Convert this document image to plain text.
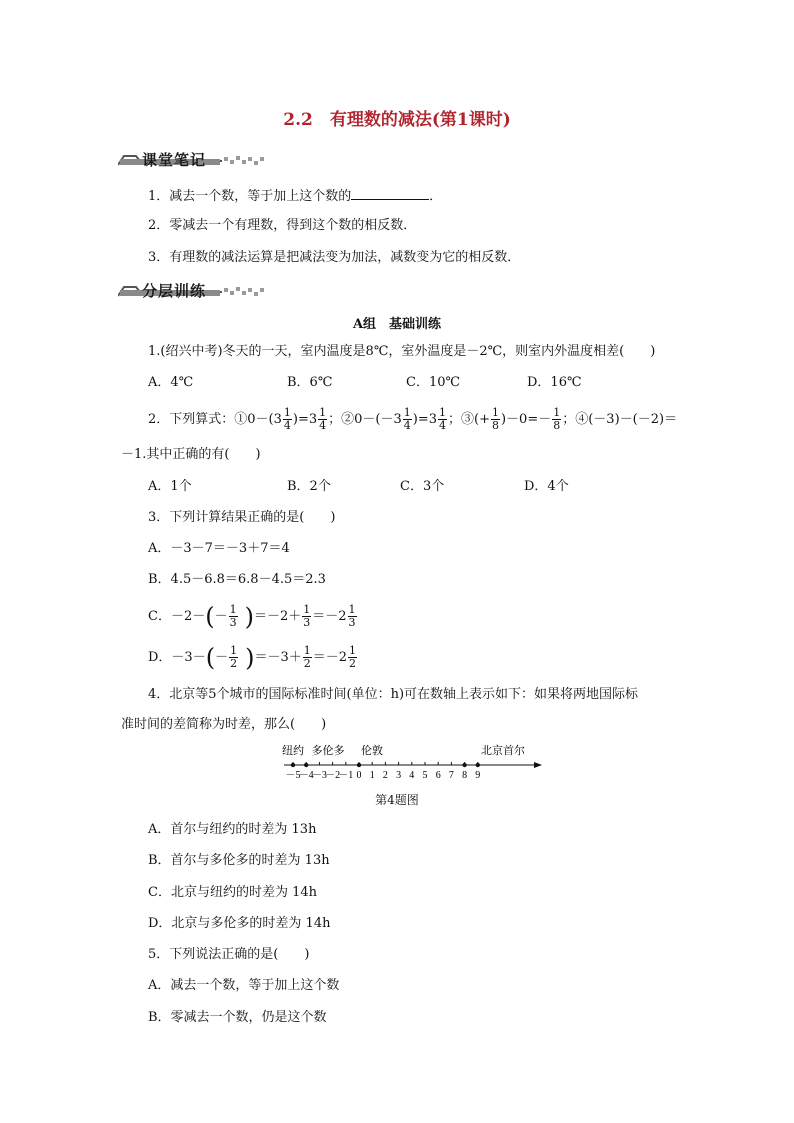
2.2　有理数的减法(第1课时)
课堂笔记
1．减去一个数，等于加上这个数的	．
2．零减去一个有理数，得到这个数的相反数．
3．有理数的减法运算是把减法变为加法，减数变为它的相反数．
分层训练
A组　基础训练
1.(绍兴中考)冬天的一天，室内温度是8℃，室外温度是－2℃，则室内外温度相差(　　)
A．4℃	B．6℃	C．10℃	D．16℃
2．下列算式：①0－(3 $\frac{1}{4} )=3 \frac{1}{4}$ ；②0－(－3 $\frac{1}{4} )=3 \frac{1}{4}$ ；③(+ $\frac{1}{8} )-0=- \frac{1}{8}$ ；④(－3)－(－2)＝
－1.其中正确的有(　　)
A．1个	B．2个	C．3个	D．4个
3．下列计算结果正确的是(　　)
A．－3－7＝－3＋7＝4
B．4.5－6.8＝6.8－4.5＝2.3
C．$-2-(- \frac{1}{3} )=-2+ \frac{1}{3} =-2 \frac{1}{3}$
D．$-3-(- \frac{1}{2} )=-3+ \frac{1}{2} =-2 \frac{1}{2}$
4．北京等5个城市的国际标准时间(单位：h)可在数轴上表示如下：如果将两地国际标
准时间的差简称为时差，那么(　　)
纽约 多伦多 伦敦	北京首尔
－5
－4
－3
－2
－1 0 1 2 3 4 5 6 7 8 9
第4题图
A．首尔与纽约的时差为 13h
B．首尔与多伦多的时差为 13h
C．北京与纽约的时差为 14h
D．北京与多伦多的时差为 14h
5．下列说法正确的是(　　)
A．减去一个数，等于加上这个数
B．零减去一个数，仍是这个数
